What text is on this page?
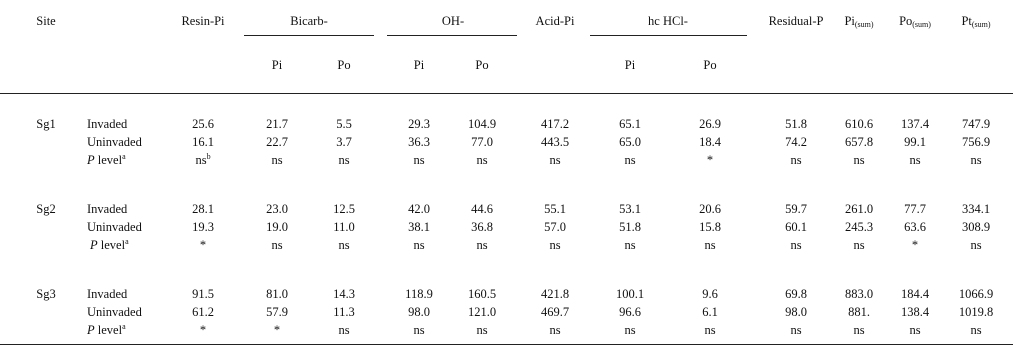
Site	Resin-Pi	Bicarb-	OH-	Acid-Pi	hc HCl-	Residual-P $Pi_{(sum)}$ $Po_{(sum)}$ $Pt_{(sum)}$
Pi	Po	Pi	Po	Pi	Po
Sg1	Invaded	25.6	21.7	5.5	29.3	104.9	417.2	65.1	26.9	51.8	610.6 137.4	747.9
Uninvaded	16.1	22.7	3.7	36.3	77.0	443.5	65.0	18.4	74.2	657.8 99.1	756.9
P level$^a$	$ns^b$	ns	ns	ns	ns	ns	ns	*	ns	ns	ns	ns
Sg2	Invaded	28.1	23.0	12.5	42.0	44.6	55.1	53.1	20.6	59.7	261.0 77.7	334.1
Uninvaded	19.3	19.0	11.0	38.1	36.8	57.0	51.8	15.8	60.1	245.3 63.6	308.9
P level$^a$	*	ns	ns	ns	ns	ns	ns	ns	ns	ns	*	ns
Sg3	Invaded	91.5	81.0	14.3	118.9	160.5	421.8	100.1	9.6	69.8	883.0 184.4 1066.9
Uninvaded	61.2	57.9	11.3	98.0	121.0	469.7	96.6	6.1	98.0	881. 138.4 1019.8
P level$^a$	*	*	ns	ns	ns	ns	ns	ns	ns	ns	ns	ns
